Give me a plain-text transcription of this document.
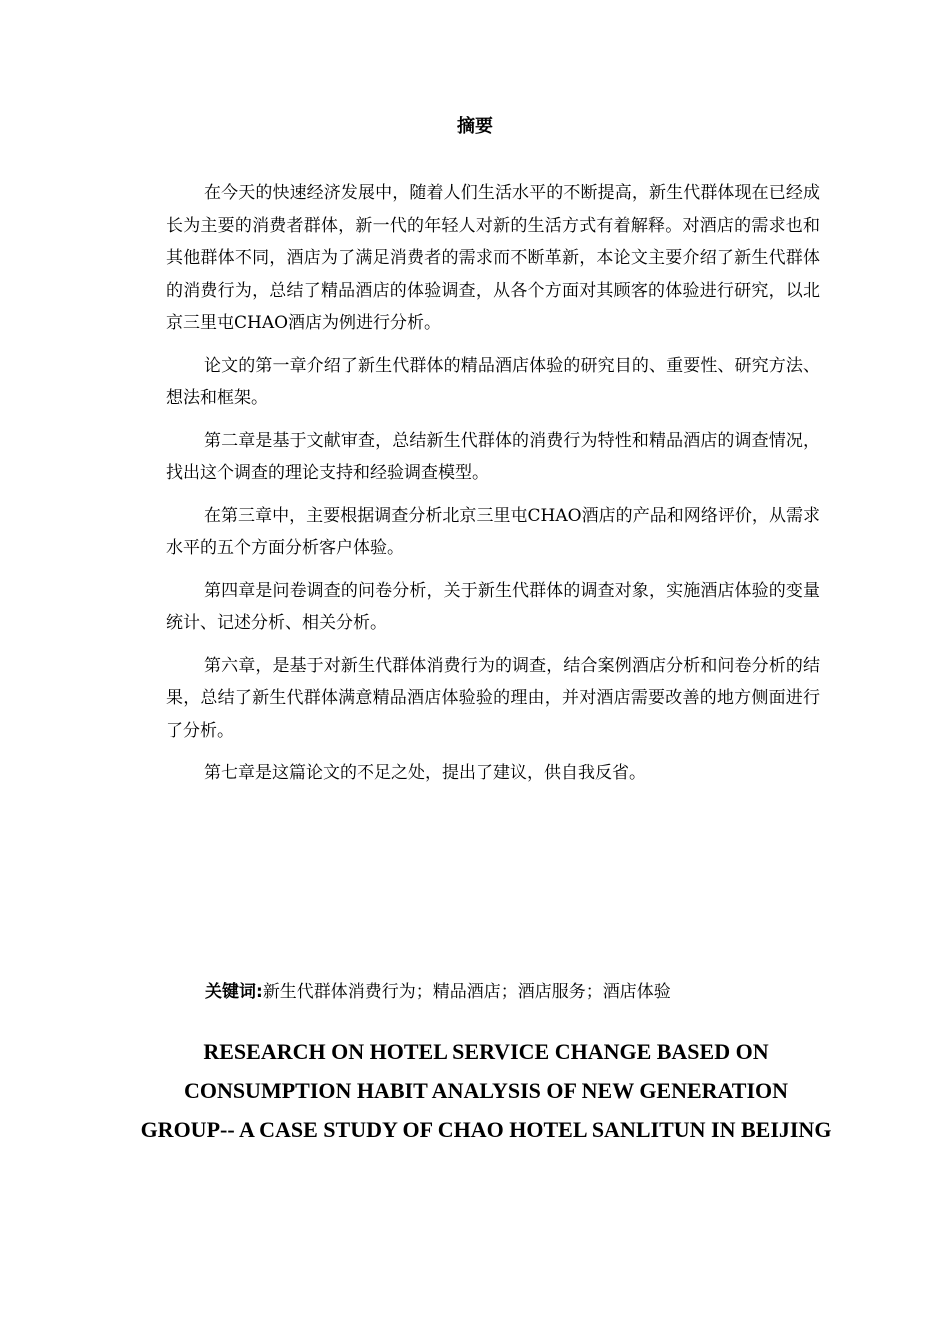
摘要

在今天的快速经济发展中，随着人们生活水平的不断提高，新生代群体现在已经成长为主要的消费者群体，新一代的年轻人对新的生活方式有着解释。对酒店的需求也和其他群体不同，酒店为了满足消费者的需求而不断革新，本论文主要介绍了新生代群体的消费行为，总结了精品酒店的体验调查，从各个方面对其顾客的体验进行研究，以北京三里屯CHAO酒店为例进行分析。

论文的第一章介绍了新生代群体的精品酒店体验的研究目的、重要性、研究方法、想法和框架。

第二章是基于文献审查，总结新生代群体的消费行为特性和精品酒店的调查情况，找出这个调查的理论支持和经验调查模型。

在第三章中，主要根据调查分析北京三里屯CHAO酒店的产品和网络评价，从需求水平的五个方面分析客户体验。

第四章是问卷调查的问卷分析，关于新生代群体的调查对象，实施酒店体验的变量统计、记述分析、相关分析。

第六章，是基于对新生代群体消费行为的调查，结合案例酒店分析和问卷分析的结果，总结了新生代群体满意精品酒店体验验的理由，并对酒店需要改善的地方侧面进行了分析。

第七章是这篇论文的不足之处，提出了建议，供自我反省。

关键词:新生代群体消费行为；精品酒店；酒店服务；酒店体验
RESEARCH ON HOTEL SERVICE CHANGE BASED ON CONSUMPTION HABIT ANALYSIS OF NEW GENERATION GROUP-- A CASE STUDY OF CHAO HOTEL SANLITUN IN BEIJING
